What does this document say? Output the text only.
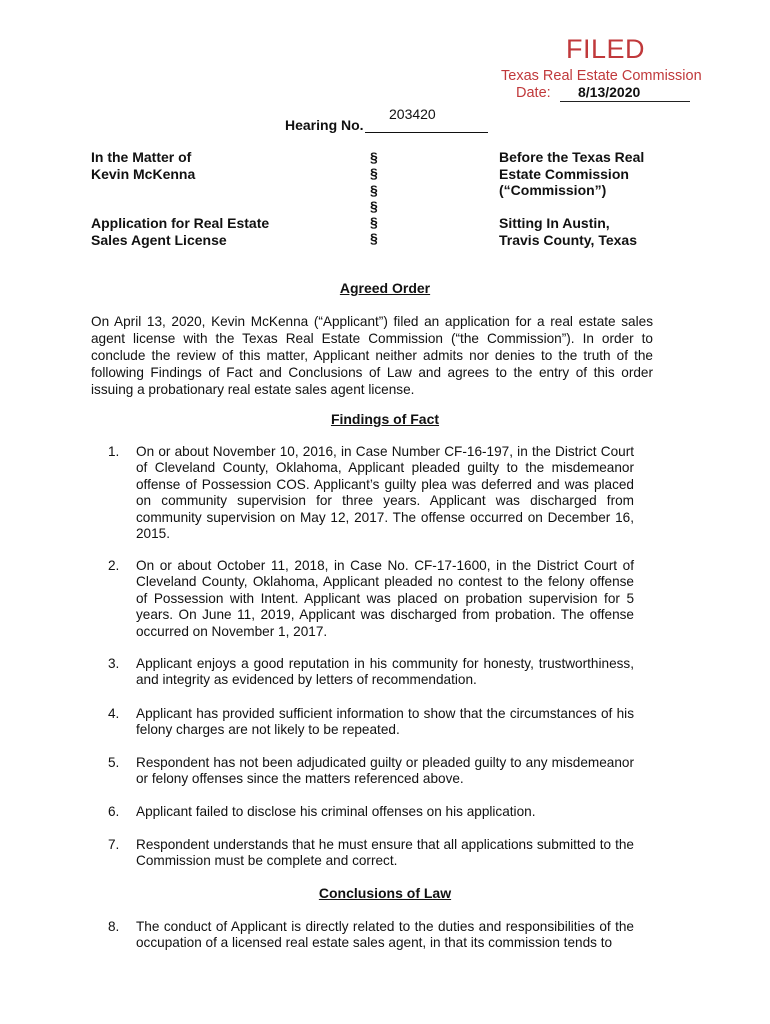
FILED
Texas Real Estate Commission
Date: 8/13/2020
203420
Hearing No.
In the Matter of
Kevin McKenna
Application for Real Estate
Sales Agent License
§
§
§
§
§
§
Before the Texas Real
Estate Commission
(“Commission”)
Sitting In Austin,
Travis County, Texas
Agreed Order
On April 13, 2020, Kevin McKenna (“Applicant”) filed an application for a real estate sales agent license with the Texas Real Estate Commission (“the Commission”). In order to conclude the review of this matter, Applicant neither admits nor denies to the truth of the following Findings of Fact and Conclusions of Law and agrees to the entry of this order issuing a probationary real estate sales agent license.
Findings of Fact
1. On or about November 10, 2016, in Case Number CF-16-197, in the District Court of Cleveland County, Oklahoma, Applicant pleaded guilty to the misdemeanor offense of Possession COS. Applicant’s guilty plea was deferred and was placed on community supervision for three years. Applicant was discharged from community supervision on May 12, 2017. The offense occurred on December 16, 2015.
2. On or about October 11, 2018, in Case No. CF-17-1600, in the District Court of Cleveland County, Oklahoma, Applicant pleaded no contest to the felony offense of Possession with Intent. Applicant was placed on probation supervision for 5 years. On June 11, 2019, Applicant was discharged from probation. The offense occurred on November 1, 2017.
3. Applicant enjoys a good reputation in his community for honesty, trustworthiness, and integrity as evidenced by letters of recommendation.
4. Applicant has provided sufficient information to show that the circumstances of his felony charges are not likely to be repeated.
5. Respondent has not been adjudicated guilty or pleaded guilty to any misdemeanor or felony offenses since the matters referenced above.
6. Applicant failed to disclose his criminal offenses on his application.
7. Respondent understands that he must ensure that all applications submitted to the Commission must be complete and correct.
Conclusions of Law
8. The conduct of Applicant is directly related to the duties and responsibilities of the occupation of a licensed real estate sales agent, in that its commission tends to
